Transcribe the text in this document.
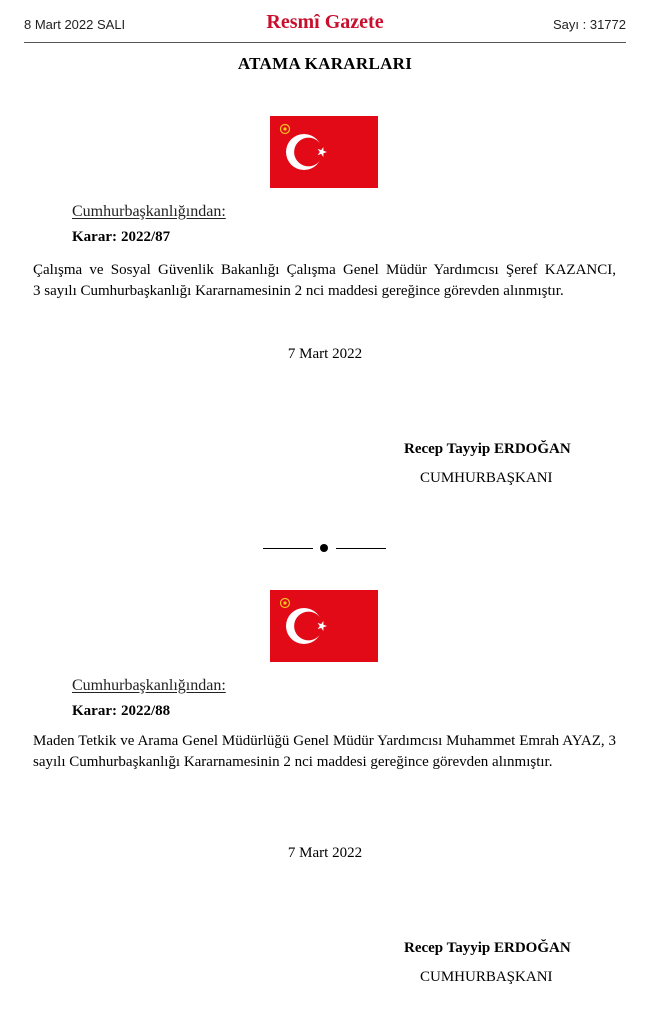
8 Mart 2022 SALI	Resmî Gazete	Sayı : 31772
ATAMA KARARLARI
Cumhurbaşkanlığından:
Karar: 2022/87
Çalışma ve Sosyal Güvenlik Bakanlığı Çalışma Genel Müdür Yardımcısı Şeref KAZANCI,
3 sayılı Cumhurbaşkanlığı Kararnamesinin 2 nci maddesi gereğince görevden alınmıştır.
7 Mart 2022
Recep Tayyip ERDOĞAN
CUMHURBAŞKANI
Cumhurbaşkanlığından:
Karar: 2022/88
Maden Tetkik ve Arama Genel Müdürlüğü Genel Müdür Yardımcısı Muhammet Emrah AYAZ, 3 sayılı Cumhurbaşkanlığı Kararnamesinin 2 nci maddesi gereğince görevden alınmıştır.
7 Mart 2022
Recep Tayyip ERDOĞAN
CUMHURBAŞKANI
